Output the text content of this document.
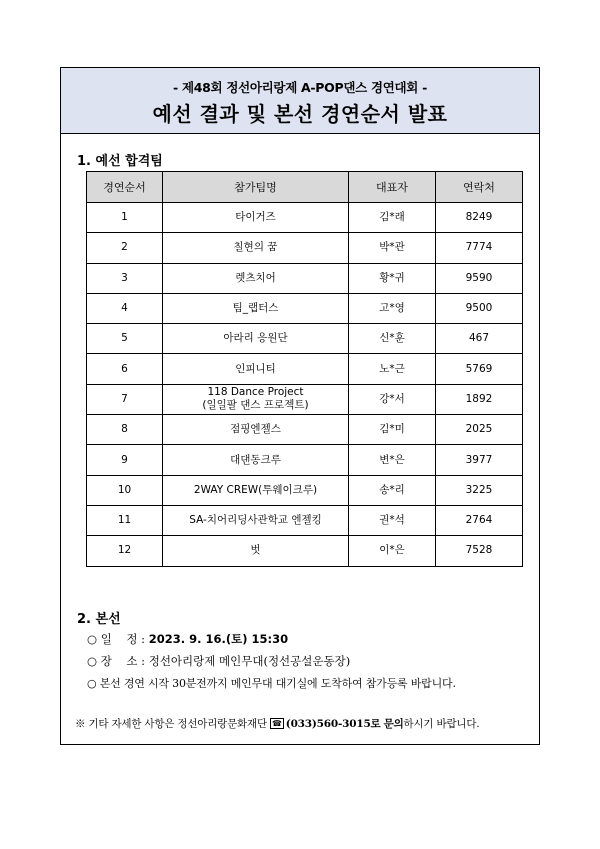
- 제48회 정선아리랑제 A-POP댄스 경연대회 -
예선 결과 및 본선 경연순서 발표
1. 예선 합격팀
경연순서	참가팀명	대표자	연락처
1	타이거즈	김*래	8249
2	칠현의 꿈	박*관	7774
3	렛츠치어	황*귀	9590
4	팀_랩터스	고*영	9500
5	아라리 응원단	신*훈	467
6	인피니티	노*근	5769
7	118 Dance Project
(일일팔 댄스 프로젝트)	강*서	1892
8	점핑엔젤스	김*미	2025
9	대댄동크루	변*은	3977
10	2WAY CREW(투웨이크루)	송*리	3225
11	SA-치어리딩사관학교 엔젤킹	권*석	2764
12	벗	이*은	7528
2. 본선
○ 일    정 : 2023. 9. 16.(토) 15:30
○ 장    소 : 정선아리랑제 메인무대(정선공설운동장)
○ 본선 경연 시작 30분전까지 메인무대 대기실에 도착하여 참가등록 바랍니다.
※ 기타 자세한 사항은 정선아리랑문화재단 ☎ (033)560-3015로 문의하시기 바랍니다.
